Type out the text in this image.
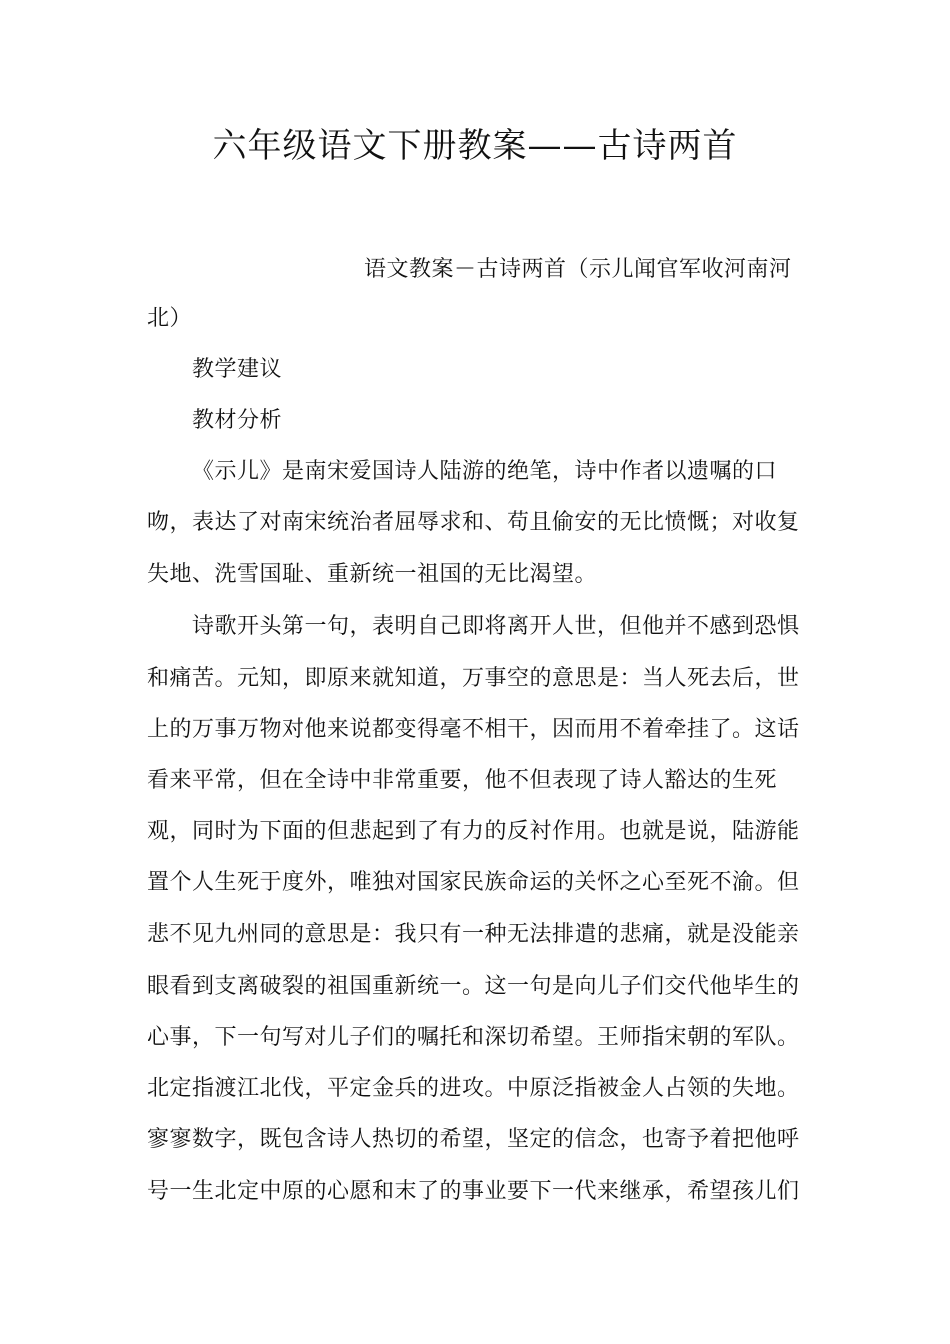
六年级语文下册教案——古诗两首
语文教案－古诗两首（示儿闻官军收河南河
北）
教学建议
教材分析
《示儿》是南宋爱国诗人陆游的绝笔，诗中作者以遗嘱的口
吻，表达了对南宋统治者屈辱求和、苟且偷安的无比愤慨；对收复
失地、洗雪国耻、重新统一祖国的无比渴望。
诗歌开头第一句，表明自己即将离开人世，但他并不感到恐惧
和痛苦。元知，即原来就知道，万事空的意思是：当人死去后，世
上的万事万物对他来说都变得毫不相干，因而用不着牵挂了。这话
看来平常，但在全诗中非常重要，他不但表现了诗人豁达的生死
观，同时为下面的但悲起到了有力的反衬作用。也就是说，陆游能
置个人生死于度外，唯独对国家民族命运的关怀之心至死不渝。但
悲不见九州同的意思是：我只有一种无法排遣的悲痛，就是没能亲
眼看到支离破裂的祖国重新统一。这一句是向儿子们交代他毕生的
心事，下一句写对儿子们的嘱托和深切希望。王师指宋朝的军队。
北定指渡江北伐，平定金兵的进攻。中原泛指被金人占领的失地。
寥寥数字，既包含诗人热切的希望，坚定的信念，也寄予着把他呼
号一生北定中原的心愿和末了的事业要下一代来继承，希望孩儿们
